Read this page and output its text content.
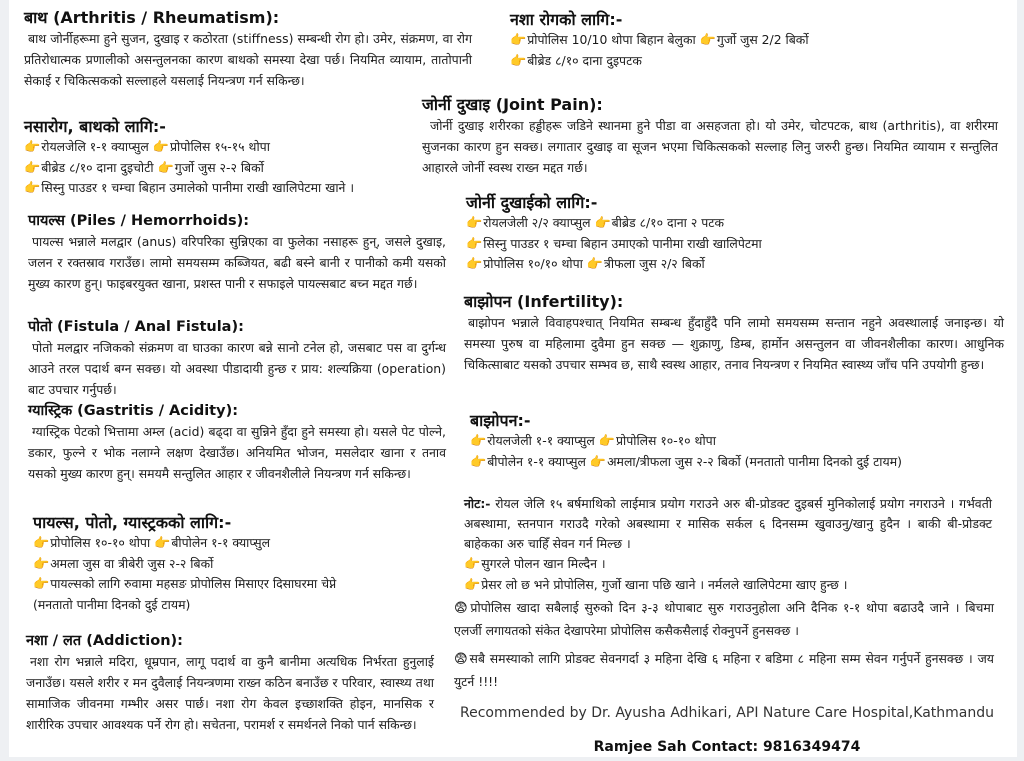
बाथ (Arthritis / Rheumatism):

बाथ जोर्नीहरूमा हुने सुजन, दुखाइ र कठोरता (stiffness) सम्बन्धी रोग हो। उमेर, संक्रमण, वा रोग प्रतिरोधात्मक प्रणालीको असन्तुलनका कारण बाथको समस्या देखा पर्छ। नियमित व्यायाम, तातोपानी सेकाई र चिकित्सकको सल्लाहले यसलाई नियन्त्रण गर्न सकिन्छ।

नसारोग, बाथको लागि:-
👉रोयलजेलि १-१ क्याप्सुल 👉प्रोपोलिस १५-१५ थोपा
👉बीब्रेड ८/१० दाना दुइचोटी 👉गुर्जो जुस २-२ बिर्को
👉सिस्नु पाउडर १ चम्चा बिहान उमालेको पानीमा राखी खालिपेटमा खाने ।
पायल्स (Piles / Hemorrhoids):

पायल्स भन्नाले मलद्वार (anus) वरिपरिका सुन्निएका वा फुलेका नसाहरू हुन्, जसले दुखाइ, जलन र रक्तस्राव गराउँछ। लामो समयसम्म कब्जियत, बढी बस्ने बानी र पानीको कमी यसको मुख्य कारण हुन्। फाइबरयुक्त खाना, प्रशस्त पानी र सफाइले पायल्सबाट बच्न मद्दत गर्छ।

पोतो (Fistula / Anal Fistula):

पोतो मलद्वार नजिकको संक्रमण वा घाउका कारण बन्ने सानो टनेल हो, जसबाट पस वा दुर्गन्ध आउने तरल पदार्थ बग्न सक्छ। यो अवस्था पीडादायी हुन्छ र प्राय: शल्यक्रिया (operation) बाट उपचार गर्नुपर्छ।

ग्यास्ट्रिक (Gastritis / Acidity):

ग्यास्ट्रिक पेटको भित्तामा अम्ल (acid) बढ्दा वा सुन्निने हुँदा हुने समस्या हो। यसले पेट पोल्ने, डकार, फुल्ने र भोक नलाग्ने लक्षण देखाउँछ। अनियमित भोजन, मसलेदार खाना र तनाव यसको मुख्य कारण हुन्। समयमै सन्तुलित आहार र जीवनशैलीले नियन्त्रण गर्न सकिन्छ।

पायल्स, पोतो, ग्यास्ट्रकको लागि:-
👉प्रोपोलिस १०-१० थोपा 👉बीपोलेन १-१ क्याप्सुल
👉अमला जुस वा त्रीबेरी जुस २-२ बिर्को
👉पायल्सको लागि रुवामा महसङ प्रोपोलिस मिसाएर दिसाघरमा चेप्ने
(मनतातो पानीमा दिनको दुई टायम)
नशा / लत (Addiction):

नशा रोग भन्नाले मदिरा, धूम्रपान, लागू पदार्थ वा कुनै बानीमा अत्यधिक निर्भरता हुनुलाई जनाउँछ। यसले शरीर र मन दुवैलाई नियन्त्रणमा राख्न कठिन बनाउँछ र परिवार, स्वास्थ्य तथा सामाजिक जीवनमा गम्भीर असर पार्छ। नशा रोग केवल इच्छाशक्ति होइन, मानसिक र शारीरिक उपचार आवश्यक पर्ने रोग हो। सचेतना, परामर्श र समर्थनले निको पार्न सकिन्छ।

नशा रोगको लागि:-
👉प्रोपोलिस 10/10 थोपा बिहान बेलुका 👉गुर्जो जुस 2/2 बिर्को
👉बीब्रेड ८/१० दाना दुइपटक
जोर्नी दुखाइ (Joint Pain):

जोर्नी दुखाइ शरीरका हड्डीहरू जडिने स्थानमा हुने पीडा वा असहजता हो। यो उमेर, चोटपटक, बाथ (arthritis), वा शरीरमा सुजनका कारण हुन सक्छ। लगातार दुखाइ वा सूजन भएमा चिकित्सकको सल्लाह लिनु जरुरी हुन्छ। नियमित व्यायाम र सन्तुलित आहारले जोर्नी स्वस्थ राख्न मद्दत गर्छ।

जोर्नी दुखाईको लागि:-
👉रोयलजेली २/२ क्याप्सुल 👉बीब्रेड ८/१० दाना २ पटक
👉सिस्नु पाउडर १ चम्चा बिहान उमाएको पानीमा राखी खालिपेटमा
👉प्रोपोलिस १०/१० थोपा 👉त्रीफला जुस २/२ बिर्को
बाझोपन (Infertility):

बाझोपन भन्नाले विवाहपश्चात् नियमित सम्बन्ध हुँदाहुँदै पनि लामो समयसम्म सन्तान नहुने अवस्थालाई जनाइन्छ। यो समस्या पुरुष वा महिलामा दुवैमा हुन सक्छ — शुक्राणु, डिम्ब, हार्मोन असन्तुलन वा जीवनशैलीका कारण। आधुनिक चिकित्साबाट यसको उपचार सम्भव छ, साथै स्वस्थ आहार, तनाव नियन्त्रण र नियमित स्वास्थ्य जाँच पनि उपयोगी हुन्छ।

बाझोपन:-
👉रोयलजेली १-१ क्याप्सुल 👉प्रोपोलिस १०-१० थोपा
👉बीपोलेन १-१ क्याप्सुल 👉अमला/त्रीफला जुस २-२ बिर्को (मनतातो पानीमा दिनको दुई टायम)

नोट:- रोयल जेलि १५ बर्षमाथिको लाईमात्र प्रयोग गराउने अरु बी-प्रोडक्ट दुइबर्स मुनिकोलाई प्रयोग नगराउने । गर्भवती अबस्थामा, स्तनपान गराउदै गरेको अबस्थामा र मासिक सर्कल ६ दिनसम्म खुवाउनु/खानु हुदैन । बाकी बी-प्रोडक्ट बाहेकका अरु चाहिँ सेवन गर्न मिल्छ ।

👉सुगरले पोलन खान मिल्दैन ।
👉प्रेसर लो छ भने प्रोपोलिस, गुर्जो खाना पछि खाने । नर्मलले खालिपेटमा खाए हुन्छ ।

😨प्रोपोलिस खादा सबैलाई सुरुको दिन ३-३ थोपाबाट सुरु गराउनुहोला अनि दैनिक १-१ थोपा बढाउदै जाने । बिचमा एलर्जी लगायतको संकेत देखापरेमा प्रोपोलिस कसैकसैलाई रोक्नुपर्ने हुनसक्छ ।

😨सबै समस्याको लागि प्रोडक्ट सेवनगर्दा ३ महिना देखि ६ महिना र बडिमा ८ महिना सम्म सेवन गर्नुपर्ने हुनसक्छ । जय युटर्न !!!!

Recommended by Dr. Ayusha Adhikari, API Nature Care Hospital,Kathmandu
Ramjee Sah Contact: 9816349474
